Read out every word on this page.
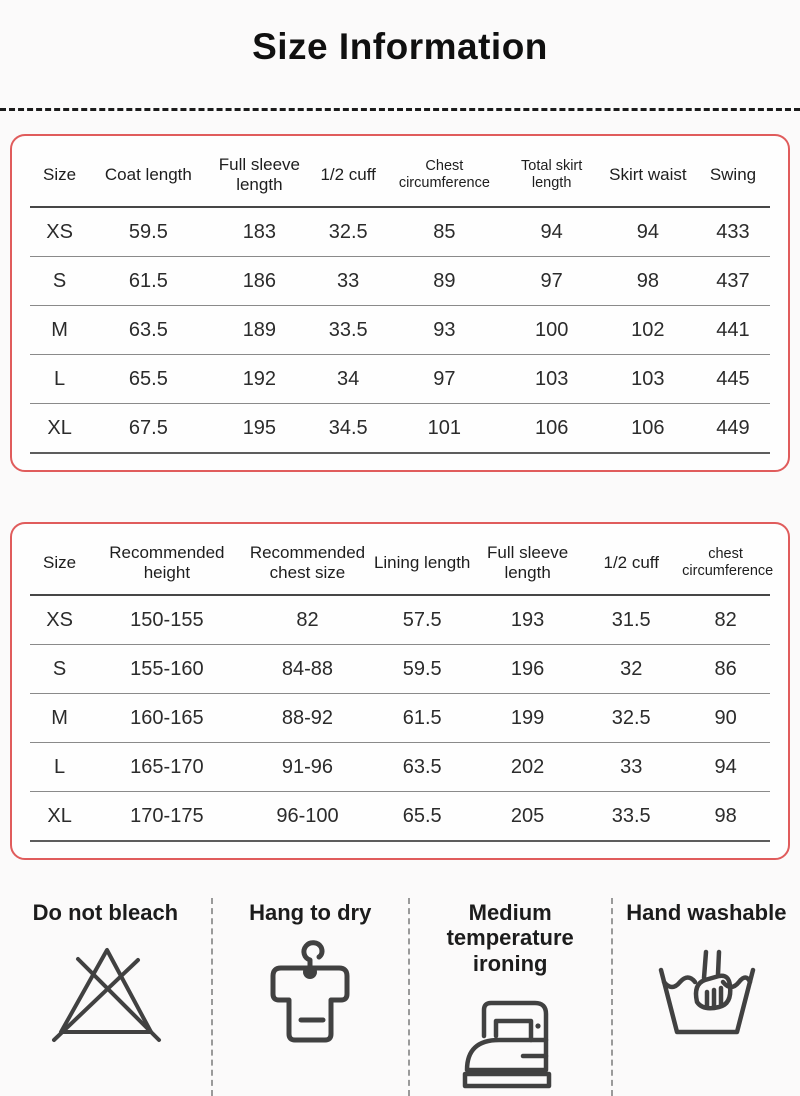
Size Information
Size	Coat length	Full sleeve length	1/2 cuff	Chest circumference	Total skirt length	Skirt waist	Swing
XS	59.5	183	32.5	85	94	94	433
S	61.5	186	33	89	97	98	437
M	63.5	189	33.5	93	100	102	441
L	65.5	192	34	97	103	103	445
XL	67.5	195	34.5	101	106	106	449
Size	Recommended height	Recommended chest size	Lining length	Full sleeve length	1/2 cuff	chest circumference
XS	150-155	82	57.5	193	31.5	82
S	155-160	84-88	59.5	196	32	86
M	160-165	88-92	61.5	199	32.5	90
L	165-170	91-96	63.5	202	33	94
XL	170-175	96-100	65.5	205	33.5	98
Do not bleach	Hang to dry	Medium temperature ironing
Hand washable
